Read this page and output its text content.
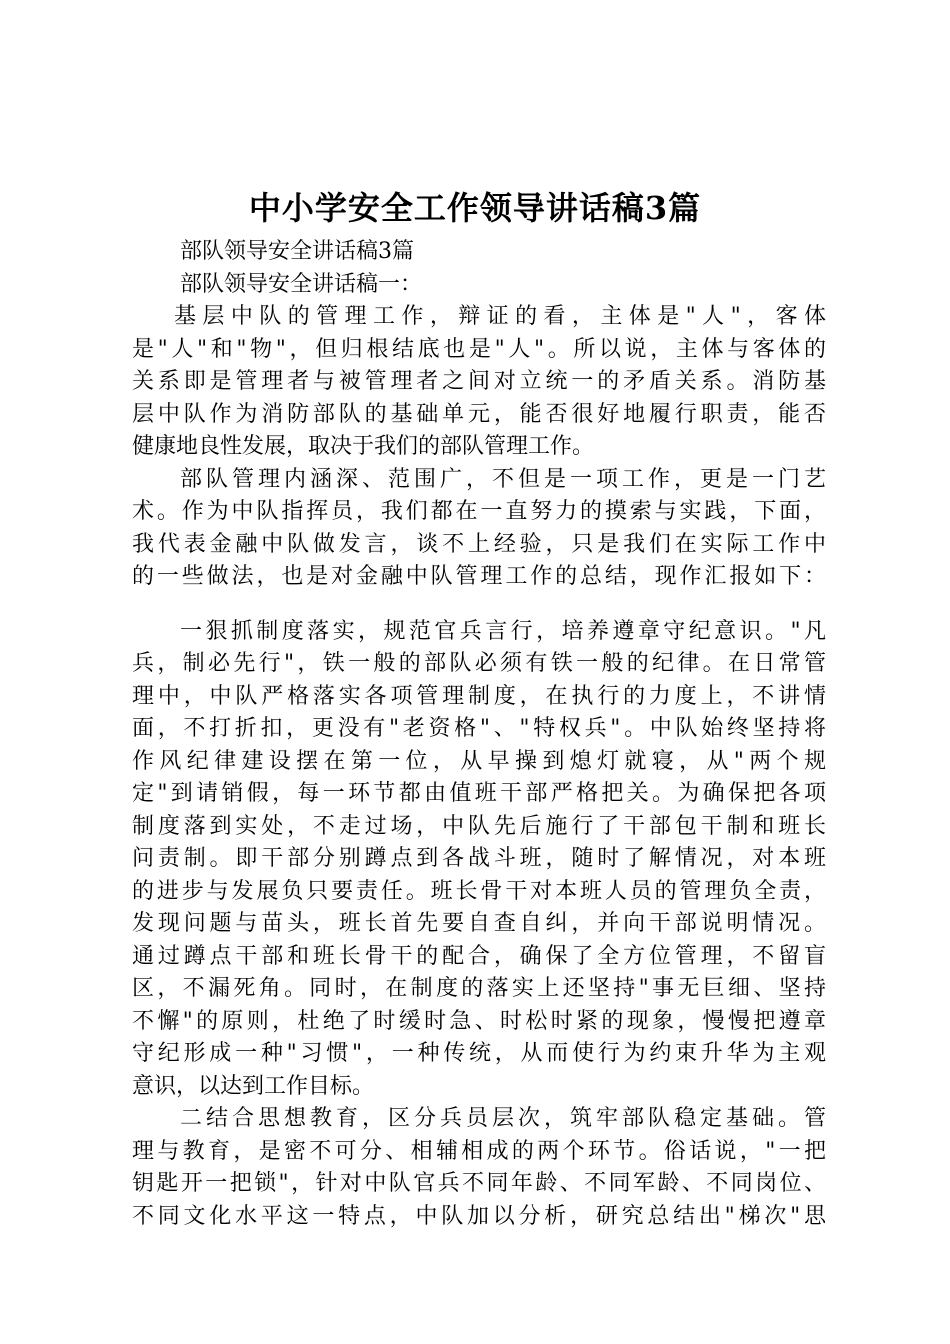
中小学安全工作领导讲话稿3篇
部队领导安全讲话稿3篇
部队领导安全讲话稿一：
基层中队的管理工作，辩证的看，主体是"人"，客体
是"人"和"物"，但归根结底也是"人"。所以说，主体与客体的
关系即是管理者与被管理者之间对立统一的矛盾关系。消防基
层中队作为消防部队的基础单元，能否很好地履行职责，能否
健康地良性发展，取决于我们的部队管理工作。
部队管理内涵深、范围广，不但是一项工作，更是一门艺
术。作为中队指挥员，我们都在一直努力的摸索与实践，下面，
我代表金融中队做发言，谈不上经验，只是我们在实际工作中
的一些做法，也是对金融中队管理工作的总结，现作汇报如下：
一狠抓制度落实，规范官兵言行，培养遵章守纪意识。"凡
兵，制必先行"，铁一般的部队必须有铁一般的纪律。在日常管
理中，中队严格落实各项管理制度，在执行的力度上，不讲情
面，不打折扣，更没有"老资格"、"特权兵"。中队始终坚持将
作风纪律建设摆在第一位，从早操到熄灯就寝，从"两个规
定"到请销假，每一环节都由值班干部严格把关。为确保把各项
制度落到实处，不走过场，中队先后施行了干部包干制和班长
问责制。即干部分别蹲点到各战斗班，随时了解情况，对本班
的进步与发展负只要责任。班长骨干对本班人员的管理负全责，
发现问题与苗头，班长首先要自查自纠，并向干部说明情况。
通过蹲点干部和班长骨干的配合，确保了全方位管理，不留盲
区，不漏死角。同时，在制度的落实上还坚持"事无巨细、坚持
不懈"的原则，杜绝了时缓时急、时松时紧的现象，慢慢把遵章
守纪形成一种"习惯"，一种传统，从而使行为约束升华为主观
意识，以达到工作目标。
二结合思想教育，区分兵员层次，筑牢部队稳定基础。管
理与教育，是密不可分、相辅相成的两个环节。俗话说，"一把
钥匙开一把锁"，针对中队官兵不同年龄、不同军龄、不同岗位、
不同文化水平这一特点，中队加以分析，研究总结出"梯次"思
